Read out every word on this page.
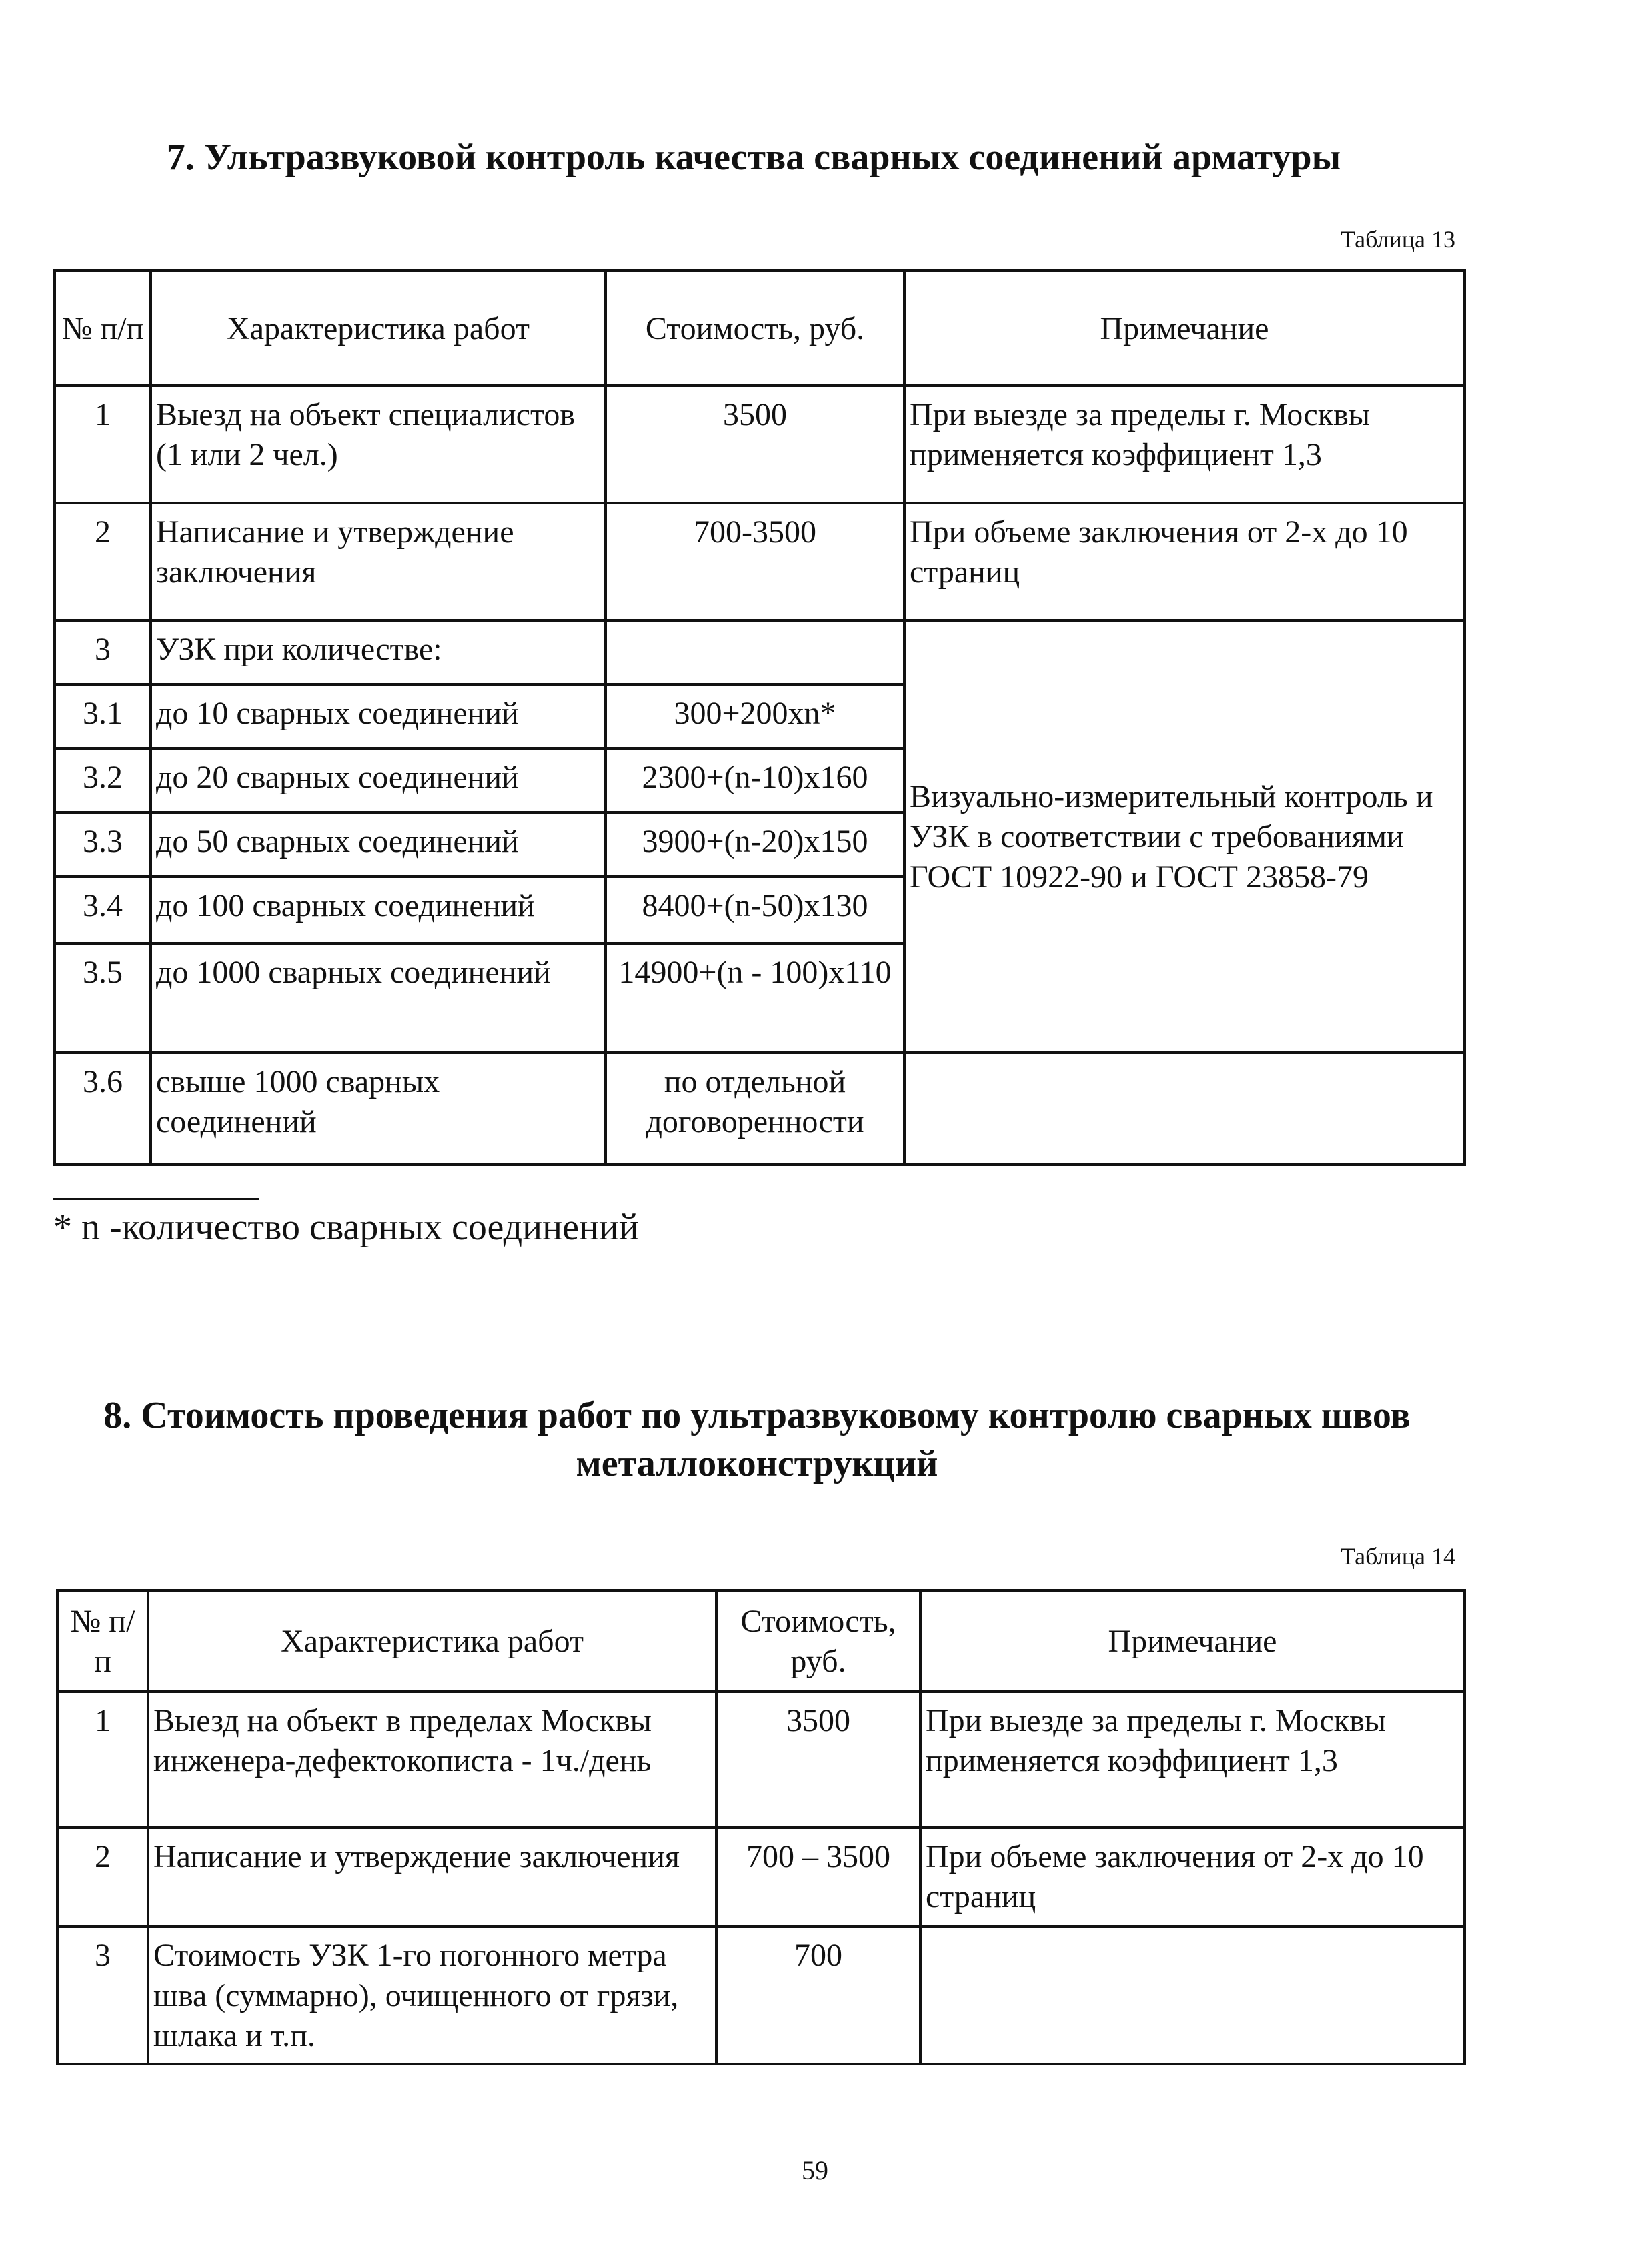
7. Ультразвуковой контроль качества сварных соединений арматуры

Таблица 13

№ п/п	Характеристика работ	Стоимость, руб.	Примечание
1	Выезд на объект специалистов (1 или 2 чел.)	3500	При выезде за пределы г. Москвы применяется коэффициент 1,3
2	Написание и утверждение заключения	700-3500	При объеме заключения от 2-х до 10 страниц
3	УЗК при количестве:		Визуально-измерительный контроль и УЗК в соответствии с требованиями ГОСТ 10922-90 и ГОСТ 23858-79
3.1	до 10 сварных соединений	300+200xn*	
3.2	до 20 сварных соединений	2300+(n-10)x160	
3.3	до 50 сварных соединений	3900+(n-20)x150	
3.4	до 100 сварных соединений	8400+(n-50)x130	
3.5	до 1000 сварных соединений	14900+(n - 100)x110	
3.6	свыше 1000 сварных соединений	по отдельной договоренности	

* n -количество сварных соединений

8. Стоимость проведения работ по ультразвуковому контролю сварных швов металлоконструкций

Таблица 14

№ п/п	Характеристика работ	Стоимость, руб.	Примечание
1	Выезд на объект в пределах Москвы инженера-дефектокописта - 1ч./день	3500	При выезде за пределы г. Москвы применяется коэффициент 1,3
2	Написание и утверждение заключения	700 – 3500	При объеме заключения от 2-х до 10 страниц
3	Стоимость УЗК 1-го погонного метра шва (суммарно), очищенного от грязи, шлака и т.п.	700	

59
